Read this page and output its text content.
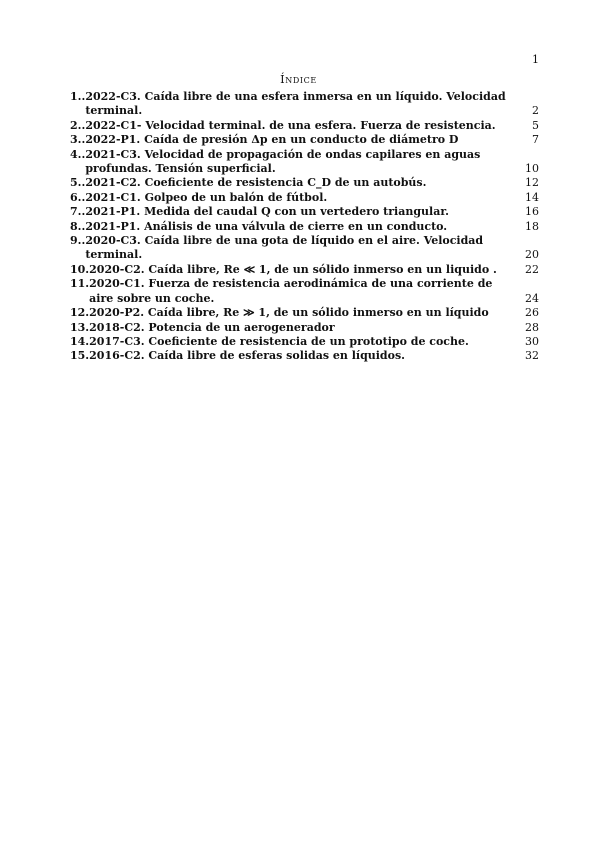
1
Índice
1.. 2022-C3. Caída libre de una esfera inmersa en un líquido. Velocidad terminal.	2
2.. 2022-C1- Velocidad terminal. de una esfera. Fuerza de resistencia.	5
3.. 2022-P1. Caída de presión Δp en un conducto de diámetro D	7
4.. 2021-C3. Velocidad de propagación de ondas capilares en aguas profundas. Tensión superficial.	10
5.. 2021-C2. Coeficiente de resistencia C_D de un autobús.	12
6.. 2021-C1. Golpeo de un balón de fútbol.	14
7.. 2021-P1. Medida del caudal Q con un vertedero triangular.	16
8.. 2021-P1. Análisis de una válvula de cierre en un conducto.	18
9.. 2020-C3. Caída libre de una gota de líquido en el aire. Velocidad terminal.	20
10. 2020-C2. Caída libre, Re ≪ 1, de un sólido inmerso en un liquido .	22
11. 2020-C1. Fuerza de resistencia aerodinámica de una corriente de aire sobre un coche.	24
12. 2020-P2. Caída libre, Re ≫ 1, de un sólido inmerso en un líquido	26
13. 2018-C2. Potencia de un aerogenerador	28
14. 2017-C3. Coeficiente de resistencia de un prototipo de coche.	30
15. 2016-C2. Caída libre de esferas solidas en líquidos.	32
